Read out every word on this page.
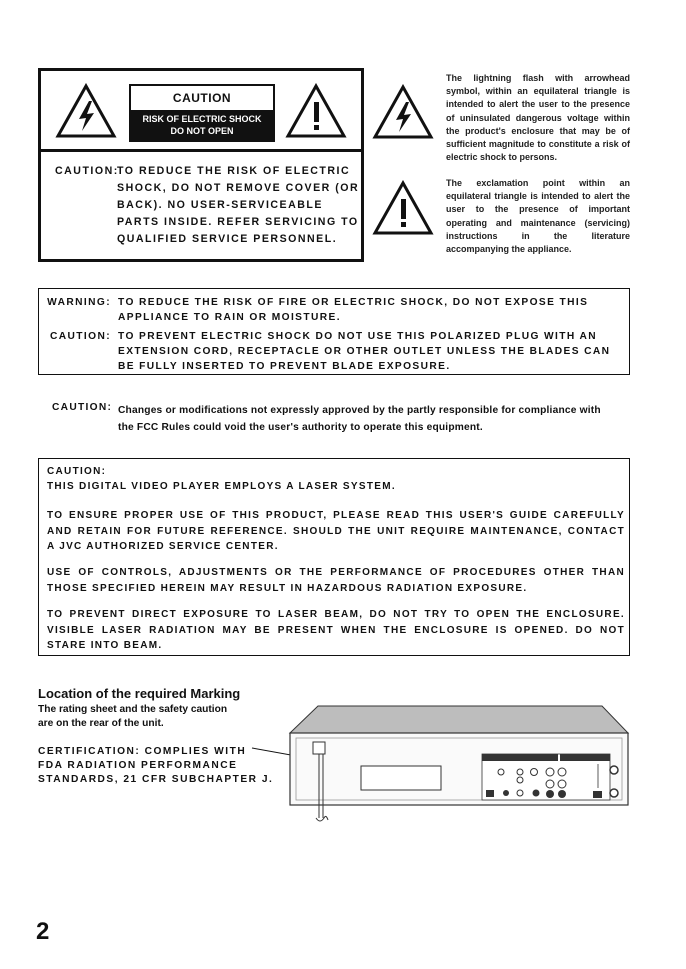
CAUTION
RISK OF ELECTRIC SHOCK
DO NOT OPEN
CAUTION:
TO REDUCE THE RISK OF ELECTRIC
SHOCK, DO NOT REMOVE COVER (OR
BACK). NO USER-SERVICEABLE
PARTS INSIDE. REFER SERVICING TO
QUALIFIED SERVICE PERSONNEL.
The lightning flash with arrowhead symbol, within an equilateral triangle is intended to alert the user to the presence of uninsulated dangerous voltage within the product's enclosure that may be of sufficient magnitude to constitute a risk of electric shock to persons.
The exclamation point within an equilateral triangle is intended to alert the user to the presence of important operating and maintenance (servicing) instructions in the literature accompanying the appliance.
WARNING: TO REDUCE THE RISK OF FIRE OR ELECTRIC SHOCK, DO NOT EXPOSE THIS
APPLIANCE TO RAIN OR MOISTURE.
CAUTION: TO PREVENT ELECTRIC SHOCK DO NOT USE THIS POLARIZED PLUG WITH AN
EXTENSION CORD, RECEPTACLE OR OTHER OUTLET UNLESS THE BLADES CAN
BE FULLY INSERTED TO PREVENT BLADE EXPOSURE.
CAUTION: Changes or modifications not expressly approved by the partly responsible for compliance with
the FCC Rules could void the user's authority to operate this equipment.
CAUTION:
THIS DIGITAL VIDEO PLAYER EMPLOYS A LASER SYSTEM.
TO ENSURE PROPER USE OF THIS PRODUCT, PLEASE READ THIS USER'S GUIDE CAREFULLY AND RETAIN FOR FUTURE REFERENCE. SHOULD THE UNIT REQUIRE MAINTENANCE, CONTACT A JVC AUTHORIZED SERVICE CENTER.
USE OF CONTROLS, ADJUSTMENTS OR THE PERFORMANCE OF PROCEDURES OTHER THAN THOSE SPECIFIED HEREIN MAY RESULT IN HAZARDOUS RADIATION EXPOSURE.
TO PREVENT DIRECT EXPOSURE TO LASER BEAM, DO NOT TRY TO OPEN THE ENCLOSURE. VISIBLE LASER RADIATION MAY BE PRESENT WHEN THE ENCLOSURE IS OPENED. DO NOT STARE INTO BEAM.
Location of the required Marking
The rating sheet and the safety caution
are on the rear of the unit.
CERTIFICATION: COMPLIES WITH
FDA RADIATION PERFORMANCE
STANDARDS, 21 CFR SUBCHAPTER J.
2
